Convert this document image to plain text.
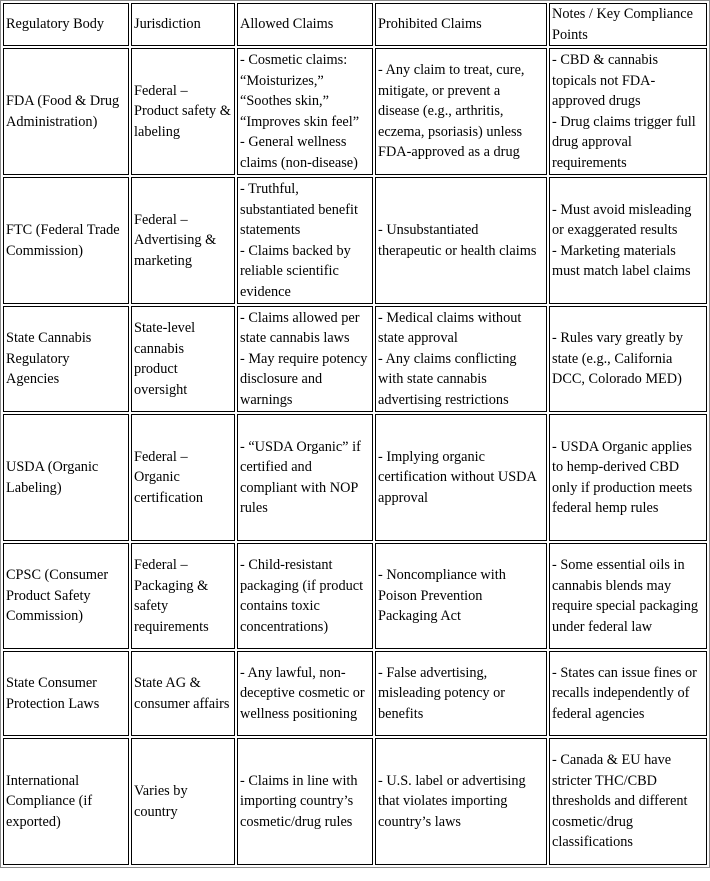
Regulatory Body	Jurisdiction	Allowed Claims	Prohibited Claims	Notes / Key Compliance Points

FDA (Food & Drug Administration)	Federal – Product safety & labeling	- Cosmetic claims: “Moisturizes,” “Soothes skin,” “Improves skin feel”
- General wellness claims (non-disease)	- Any claim to treat, cure, mitigate, or prevent a disease (e.g., arthritis, eczema, psoriasis) unless FDA-approved as a drug	- CBD & cannabis topicals not FDA-approved drugs
- Drug claims trigger full drug approval requirements

FTC (Federal Trade Commission)	Federal – Advertising & marketing	- Truthful, substantiated benefit statements
- Claims backed by reliable scientific evidence	- Unsubstantiated therapeutic or health claims	- Must avoid misleading or exaggerated results
- Marketing materials must match label claims

State Cannabis Regulatory Agencies	State-level cannabis product oversight	- Claims allowed per state cannabis laws
- May require potency disclosure and warnings	- Medical claims without state approval
- Any claims conflicting with state cannabis advertising restrictions	- Rules vary greatly by state (e.g., California DCC, Colorado MED)

USDA (Organic Labeling)	Federal – Organic certification	- “USDA Organic” if certified and compliant with NOP rules	- Implying organic certification without USDA approval	- USDA Organic applies to hemp-derived CBD only if production meets federal hemp rules

CPSC (Consumer Product Safety Commission)	Federal – Packaging & safety requirements	- Child-resistant packaging (if product contains toxic concentrations)	- Noncompliance with Poison Prevention Packaging Act	- Some essential oils in cannabis blends may require special packaging under federal law

State Consumer Protection Laws	State AG & consumer affairs	- Any lawful, non-deceptive cosmetic or wellness positioning	- False advertising, misleading potency or benefits	- States can issue fines or recalls independently of federal agencies

International Compliance (if exported)	Varies by country	- Claims in line with importing country’s cosmetic/drug rules	- U.S. label or advertising that violates importing country’s laws	- Canada & EU have stricter THC/CBD thresholds and different cosmetic/drug classifications
